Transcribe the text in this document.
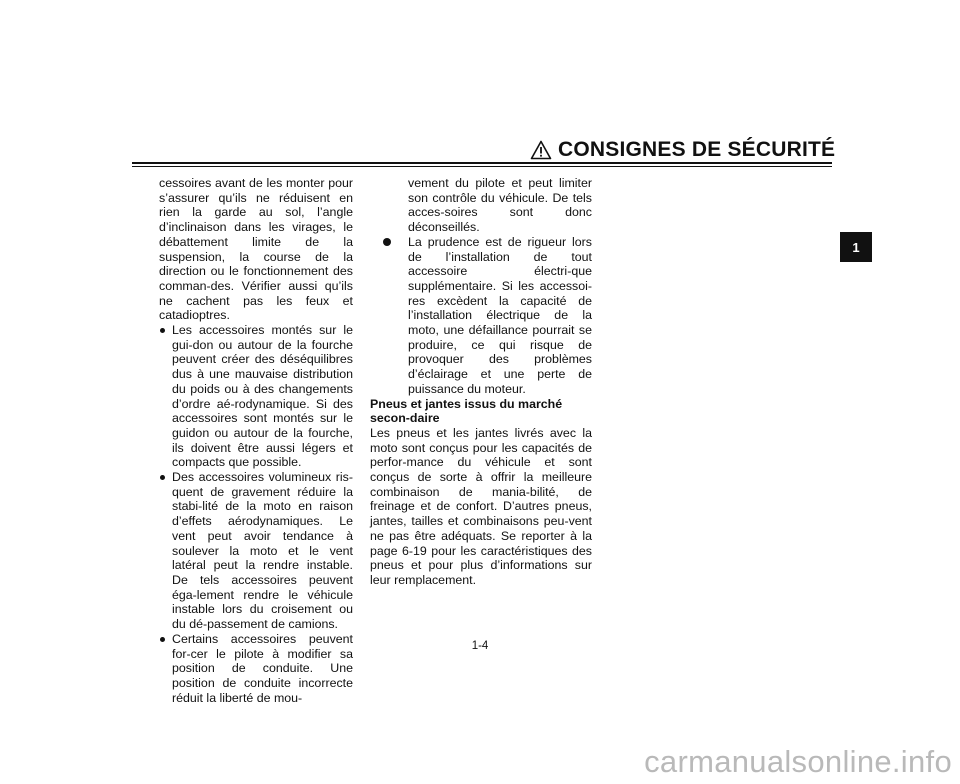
CONSIGNES DE SÉCURITÉ

cessoires avant de les monter pour s’assurer qu’ils ne réduisent en rien la garde au sol, l’angle d’inclinaison dans les virages, le débattement limite de la suspension, la course de la direction ou le fonctionnement des comman-des. Vérifier aussi qu’ils ne cachent pas les feux et catadioptres.

Les accessoires montés sur le gui-don ou autour de la fourche peuvent créer des déséquilibres dus à une mauvaise distribution du poids ou à des changements d’ordre aé-rodynamique. Si des accessoires sont montés sur le guidon ou autour de la fourche, ils doivent être aussi légers et compacts que possible.
Des accessoires volumineux ris-quent de gravement réduire la stabi-lité de la moto en raison d’effets aérodynamiques. Le vent peut avoir tendance à soulever la moto et le vent latéral peut la rendre instable. De tels accessoires peuvent éga-lement rendre le véhicule instable lors du croisement ou du dé-passement de camions.
Certains accessoires peuvent for-cer le pilote à modifier sa position de conduite. Une position de conduite incorrecte réduit la liberté de mou-

vement du pilote et peut limiter son contrôle du véhicule. De tels acces-soires sont donc déconseillés.

La prudence est de rigueur lors de l’installation de tout accessoire électri-que supplémentaire. Si les accessoi-res excèdent la capacité de l’installation électrique de la moto, une défaillance pourrait se produire, ce qui risque de provoquer des problèmes d’éclairage et une perte de puissance du moteur.

Pneus et jantes issus du marché secon-daire

Les pneus et les jantes livrés avec la moto sont conçus pour les capacités de perfor-mance du véhicule et sont conçus de sorte à offrir la meilleure combinaison de mania-bilité, de freinage et de confort. D’autres pneus, jantes, tailles et combinaisons peu-vent ne pas être adéquats. Se reporter à la page 6-19 pour les caractéristiques des pneus et pour plus d’informations sur leur remplacement.

1
1-4
carmanualsonline.info
